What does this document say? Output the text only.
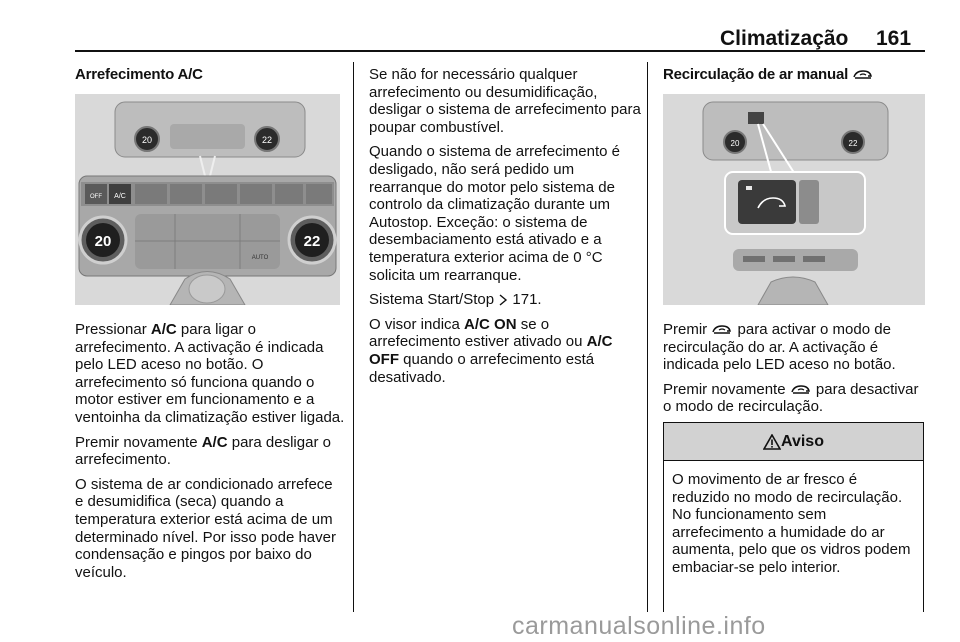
Climatização 161
Arrefecimento A/C
20	22
A/C
OFF
20	22
AUTO

Pressionar A/C para ligar o arrefecimento. A activação é indicada pelo LED aceso no botão. O arrefecimento só funciona quando o motor estiver em funcionamento e a ventoinha da climatização estiver ligada.

Premir novamente A/C para desligar o arrefecimento.

O sistema de ar condicionado arrefece e desumidifica (seca) quando a temperatura exterior está acima de um determinado nível. Por isso pode haver condensação e pingos por baixo do veículo.

Se não for necessário qualquer arrefecimento ou desumidificação, desligar o sistema de arrefecimento para poupar combustível.

Quando o sistema de arrefecimento é desligado, não será pedido um rearranque do motor pelo sistema de controlo da climatização durante um Autostop. Exceção: o sistema de desembaciamento está ativado e a temperatura exterior acima de 0 °C solicita um rearranque.

Sistema Start/Stop  171.

O visor indica A/C ON se o arrefecimento estiver ativado ou A/C OFF quando o arrefecimento está desativado.

Recirculação de ar manual
20	22

Premir  para activar o modo de recirculação do ar. A activação é indicada pelo LED aceso no botão.

Premir novamente  para desactivar o modo de recirculação.

Aviso
O movimento de ar fresco é reduzido no modo de recirculação. No funcionamento sem arrefecimento a humidade do ar aumenta, pelo que os vidros podem embaciar-se pelo interior.
carmanualsonline.info
